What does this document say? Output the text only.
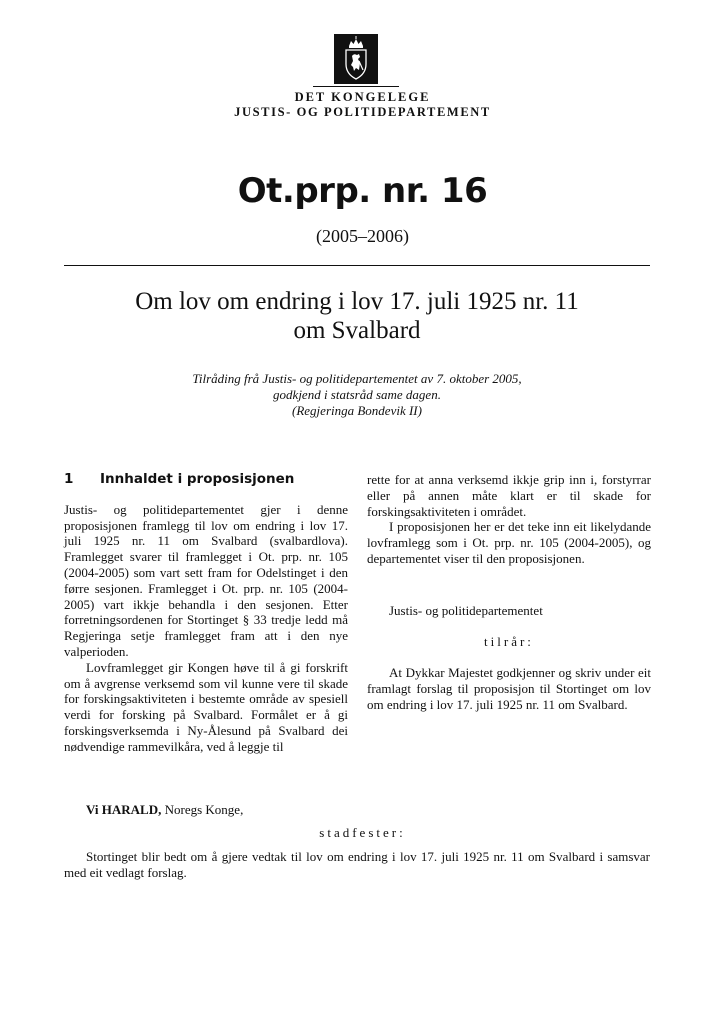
DET KONGELEGE
JUSTIS- OG POLITIDEPARTEMENT
Ot.prp. nr. 16
(2005–2006)
Om lov om endring i lov 17. juli 1925 nr. 11
om Svalbard
Tilråding frå Justis- og politidepartementet av 7. oktober 2005,
godkjend i statsråd same dagen.
(Regjeringa Bondevik II)
1 Innhaldet i proposisjonen

Justis- og politidepartementet gjer i denne proposisjonen framlegg til lov om endring i lov 17. juli 1925 nr. 11 om Svalbard (svalbardlova). Framlegget svarer til framlegget i Ot. prp. nr. 105 (2004-2005) som vart sett fram for Odelstinget i den førre sesjonen. Framlegget i Ot. prp. nr. 105 (2004-2005) vart ikkje behandla i den sesjonen. Etter forretningsordenen for Stortinget § 33 tredje ledd må Regjeringa setje framlegget fram att i den nye valperioden.

Lovframlegget gir Kongen høve til å gi forskrift om å avgrense verksemd som vil kunne vere til skade for forskingsaktiviteten i bestemte område av spesiell verdi for forsking på Svalbard. Formålet er å gi forskingsverksemda i Ny-Ålesund på Svalbard dei nødvendige rammevilkåra, ved å leggje til

rette for at anna verksemd ikkje grip inn i, forstyrrar eller på annen måte klart er til skade for forskingsaktiviteten i området.

I proposisjonen her er det teke inn eit likelydande lovframlegg som i Ot. prp. nr. 105 (2004-2005), og departementet viser til den proposisjonen.

Justis- og politidepartementet

tilrår:

At Dykkar Majestet godkjenner og skriv under eit framlagt forslag til proposisjon til Stortinget om lov om endring i lov 17. juli 1925 nr. 11 om Svalbard.

Vi HARALD, Noregs Konge,
stadfester:
Stortinget blir bedt om å gjere vedtak til lov om endring i lov 17. juli 1925 nr. 11 om Svalbard i samsvar med eit vedlagt forslag.
